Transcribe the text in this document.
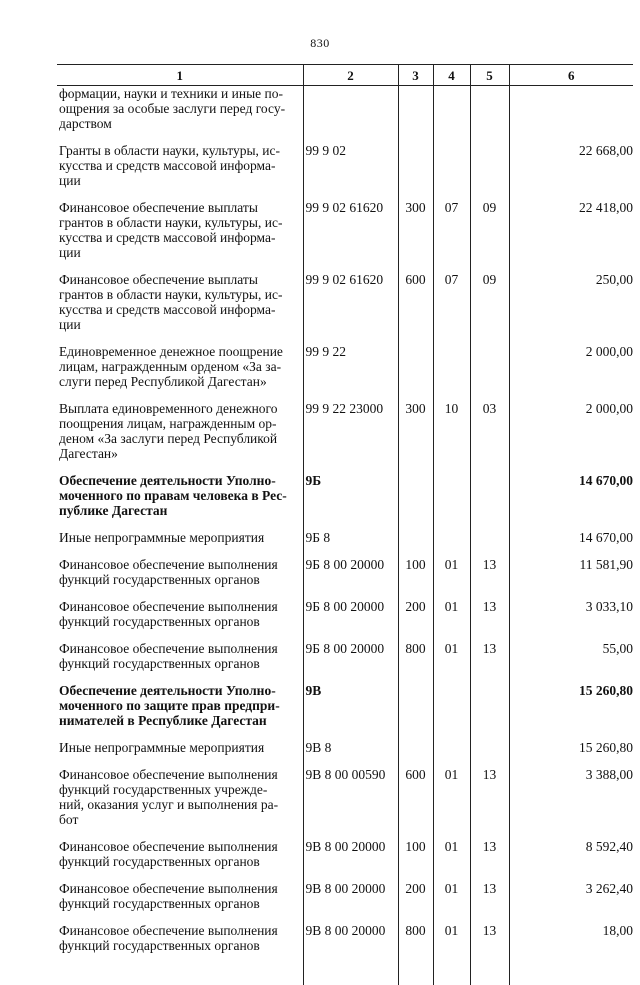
830
1	2	3	4	5	6
формации, науки и техники и иные по-
ощрения за особые заслуги перед госу-
дарством					

Гранты в области науки, культуры, ис-
кусства и средств массовой информа-
ции	99 9 02				22 668,00

Финансовое обеспечение выплаты
грантов в области науки, культуры, ис-
кусства и средств массовой информа-
ции	99 9 02 61620	300	07	09	22 418,00

Финансовое обеспечение выплаты
грантов в области науки, культуры, ис-
кусства и средств массовой информа-
ции	99 9 02 61620	600	07	09	250,00

Единовременное денежное поощрение
лицам, награжденным орденом «За за-
слуги перед Республикой Дагестан»	99 9 22				2 000,00

Выплата единовременного денежного
поощрения лицам, награжденным ор-
деном «За заслуги перед Республикой
Дагестан»	99 9 22 23000	300	10	03	2 000,00

Обеспечение деятельности Уполно-
моченного по правам человека в Рес-
публике Дагестан	9Б				14 670,00

Иные непрограммные мероприятия	9Б 8				14 670,00

Финансовое обеспечение выполнения
функций государственных органов	9Б 8 00 20000	100	01	13	11 581,90

Финансовое обеспечение выполнения
функций государственных органов	9Б 8 00 20000	200	01	13	3 033,10

Финансовое обеспечение выполнения
функций государственных органов	9Б 8 00 20000	800	01	13	55,00

Обеспечение деятельности Уполно-
моченного по защите прав предпри-
нимателей в Республике Дагестан	9В				15 260,80

Иные непрограммные мероприятия	9В 8				15 260,80

Финансовое обеспечение выполнения
функций государственных учрежде-
ний, оказания услуг и выполнения ра-
бот	9В 8 00 00590	600	01	13	3 388,00

Финансовое обеспечение выполнения
функций государственных органов	9В 8 00 20000	100	01	13	8 592,40

Финансовое обеспечение выполнения
функций государственных органов	9В 8 00 20000	200	01	13	3 262,40

Финансовое обеспечение выполнения
функций государственных органов	9В 8 00 20000	800	01	13	18,00
